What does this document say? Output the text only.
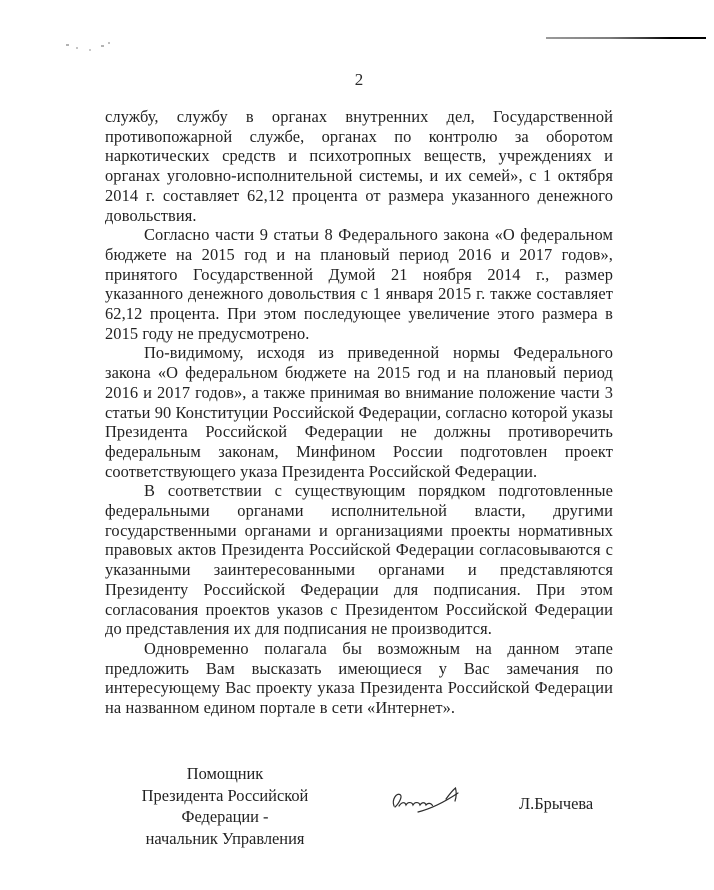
2

службу, службу в органах внутренних дел, Государственной противопожарной службе, органах по контролю за оборотом наркотических средств и психотропных веществ, учреждениях и органах уголовно-исполнительной системы, и их семей», с 1 октября 2014 г. составляет 62,12 процента от размера указанного денежного довольствия.

Согласно части 9 статьи 8 Федерального закона «О федеральном бюджете на 2015 год и на плановый период 2016 и 2017 годов», принятого Государственной Думой 21 ноября 2014 г., размер указанного денежного довольствия с 1 января 2015 г. также составляет 62,12 процента. При этом последующее увеличение этого размера в 2015 году не предусмотрено.

По-видимому, исходя из приведенной нормы Федерального закона «О федеральном бюджете на 2015 год и на плановый период 2016 и 2017 годов», а также принимая во внимание положение части 3 статьи 90 Конституции Российской Федерации, согласно которой указы Президента Российской Федерации не должны противоречить федеральным законам, Минфином России подготовлен проект соответствующего указа Президента Российской Федерации.

В соответствии с существующим порядком подготовленные федеральными органами исполнительной власти, другими государственными органами и организациями проекты нормативных правовых актов Президента Российской Федерации согласовываются с указанными заинтересованными органами и представляются Президенту Российской Федерации для подписания. При этом согласования проектов указов с Президентом Российской Федерации до представления их для подписания не производится.

Одновременно полагала бы возможным на данном этапе предложить Вам высказать имеющиеся у Вас замечания по интересующему Вас проекту указа Президента Российской Федерации на названном едином портале в сети «Интернет».

Помощник
Президента Российской Федерации -
начальник Управления
Л.Брычева
